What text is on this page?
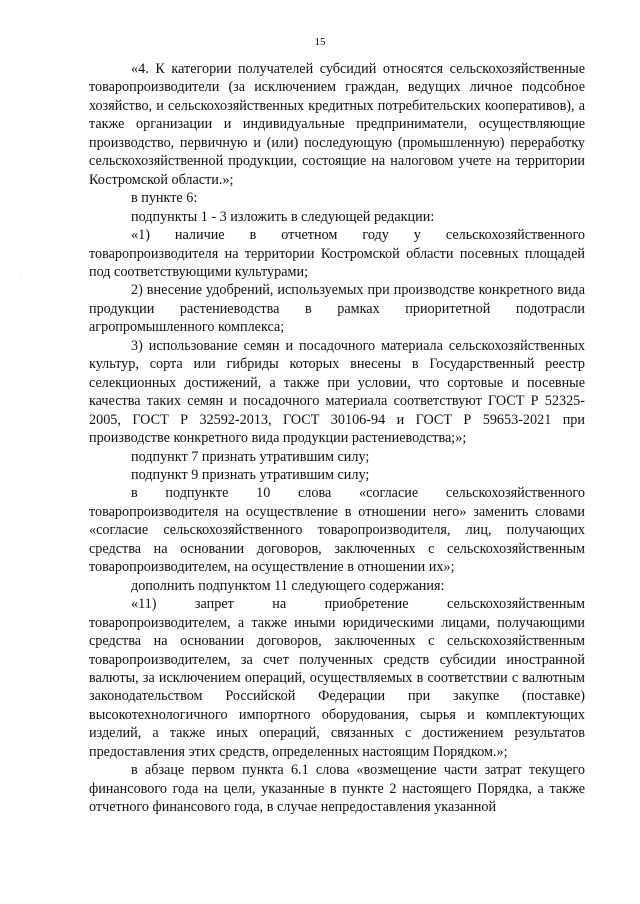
15
·

«4. К категории получателей субсидий относятся сельскохозяйственные товаропроизводители (за исключением граждан, ведущих личное подсобное хозяйство, и сельскохозяйственных кредитных потребительских кооперативов), а также организации и индивидуальные предприниматели, осуществляющие производство, первичную и (или) последующую (промышленную) переработку сельскохозяйственной продукции, состоящие на налоговом учете на территории Костромской области.»;

в пункте 6:

подпункты 1 - 3 изложить в следующей редакции:

«1) наличие в отчетном году у сельскохозяйственного товаропроизводителя на территории Костромской области посевных площадей под соответствующими культурами;

2) внесение удобрений, используемых при производстве конкретного вида продукции растениеводства в рамках приоритетной подотрасли агропромышленного комплекса;

3) использование семян и посадочного материала сельскохозяйственных культур, сорта или гибриды которых внесены в Государственный реестр селекционных достижений, а также при условии, что сортовые и посевные качества таких семян и посадочного материала соответствуют ГОСТ Р 52325-2005, ГОСТ Р 32592-2013, ГОСТ 30106-94 и ГОСТ Р 59653-2021 при производстве конкретного вида продукции растениеводства;»;

подпункт 7 признать утратившим силу;

подпункт 9 признать утратившим силу;

в подпункте 10 слова «согласие сельскохозяйственного товаропроизводителя на осуществление в отношении него» заменить словами «согласие сельскохозяйственного товаропроизводителя, лиц, получающих средства на основании договоров, заключенных с сельскохозяйственным товаропроизводителем, на осуществление в отношении их»;

дополнить подпунктом 11 следующего содержания:

«11) запрет на приобретение сельскохозяйственным товаропроизводителем, а также иными юридическими лицами, получающими средства на основании договоров, заключенных с сельскохозяйственным товаропроизводителем, за счет полученных средств субсидии иностранной валюты, за исключением операций, осуществляемых в соответствии с валютным законодательством Российской Федерации при закупке (поставке) высокотехнологичного импортного оборудования, сырья и комплектующих изделий, а также иных операций, связанных с достижением результатов предоставления этих средств, определенных настоящим Порядком.»;

в абзаце первом пункта 6.1 слова «возмещение части затрат текущего финансового года на цели, указанные в пункте 2 настоящего Порядка, а также отчетного финансового года, в случае непредоставления указанной
